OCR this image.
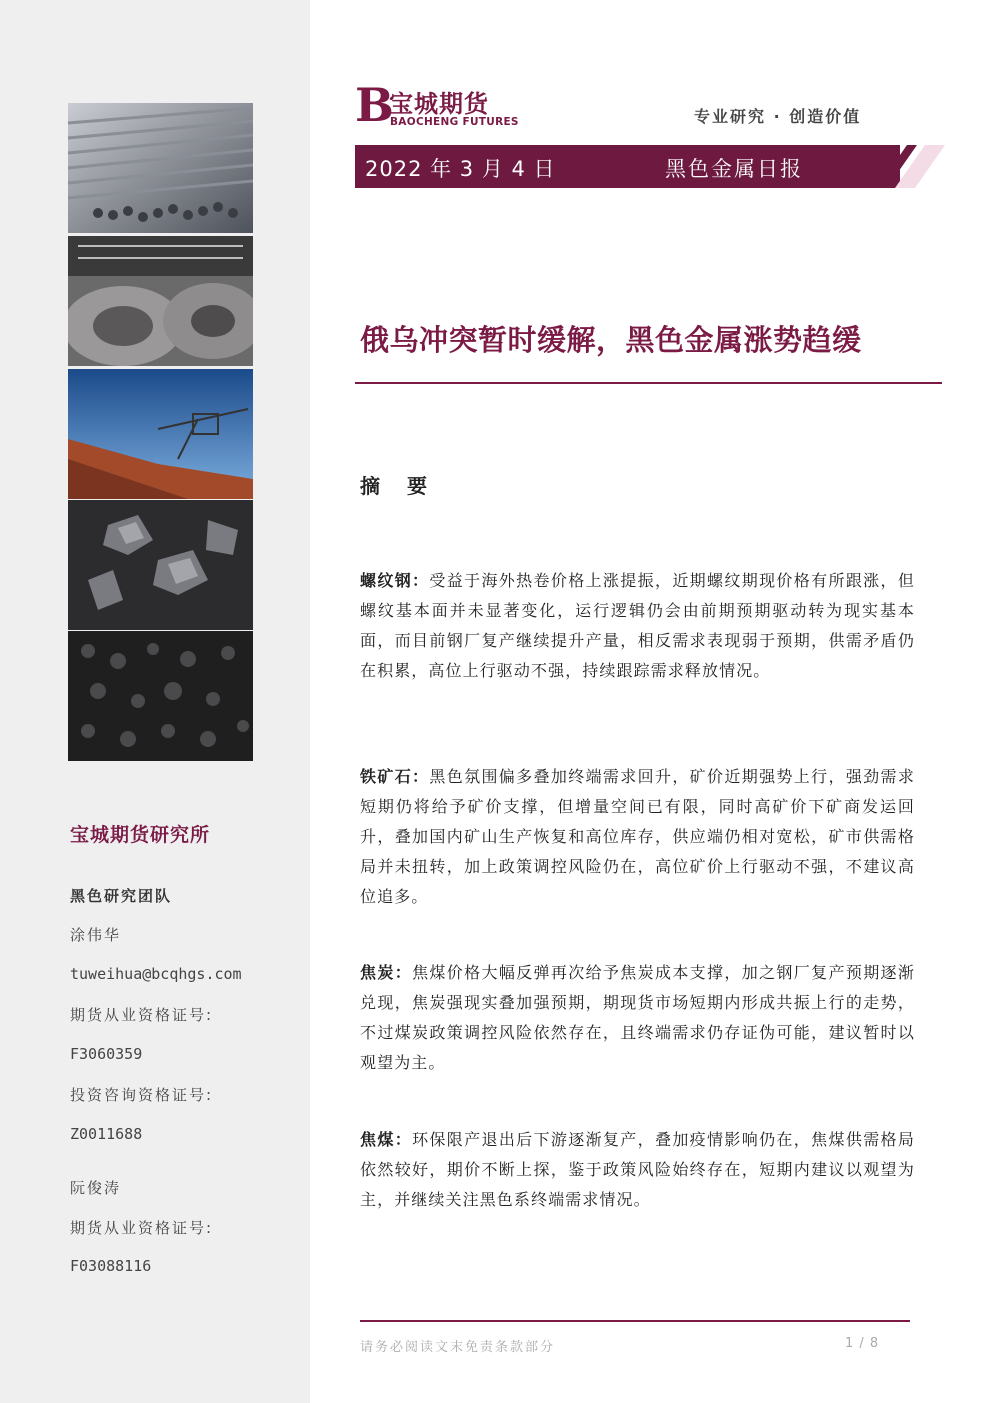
宝城期货研究所
黑色研究团队
涂伟华
tuweihua@bcqhgs.com
期货从业资格证号:
F3060359
投资咨询资格证号:
Z0011688
阮俊涛
期货从业资格证号:
F03088116
B
宝城期货
BAOCHENG FUTURES	专业研究 · 创造价值
2022 年 3 月 4 日	黑色金属日报
俄乌冲突暂时缓解，黑色金属涨势趋缓
摘 要
螺纹钢：受益于海外热卷价格上涨提振，近期螺纹期现价格有所跟涨，但螺纹基本面并未显著变化，运行逻辑仍会由前期预期驱动转为现实基本面，而目前钢厂复产继续提升产量，相反需求表现弱于预期，供需矛盾仍在积累，高位上行驱动不强，持续跟踪需求释放情况。
铁矿石：黑色氛围偏多叠加终端需求回升，矿价近期强势上行，强劲需求短期仍将给予矿价支撑，但增量空间已有限，同时高矿价下矿商发运回升，叠加国内矿山生产恢复和高位库存，供应端仍相对宽松，矿市供需格局并未扭转，加上政策调控风险仍在，高位矿价上行驱动不强，不建议高位追多。
焦炭：焦煤价格大幅反弹再次给予焦炭成本支撑，加之钢厂复产预期逐渐兑现，焦炭强现实叠加强预期，期现货市场短期内形成共振上行的走势，不过煤炭政策调控风险依然存在，且终端需求仍存证伪可能，建议暂时以观望为主。
焦煤：环保限产退出后下游逐渐复产，叠加疫情影响仍在，焦煤供需格局依然较好，期价不断上探，鉴于政策风险始终存在，短期内建议以观望为主，并继续关注黑色系终端需求情况。
请务必阅读文末免责条款部分	1 / 8
